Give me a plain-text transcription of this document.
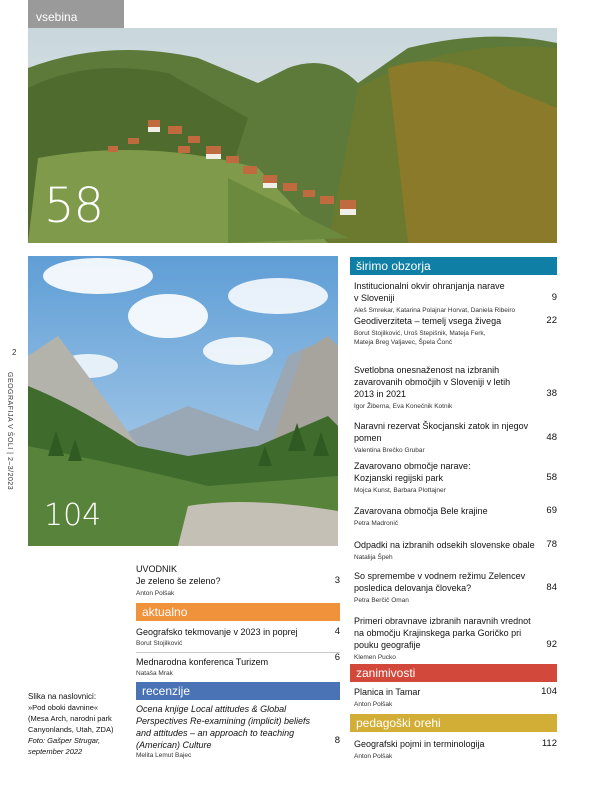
vsebina
58
104
2
GEOGRAFIJA V ŠOLI | 2–3/2023
UVODNIK
Je zeleno še zeleno?	3
Anton Polšak
aktualno
Geografsko tekmovanje v 2023 in poprej	4
Borut Stojilković
Mednarodna konferenca Turizem	6
Nataša Mrak
recenzije
Ocena knjige Local attitudes & Global
Perspectives Re-examining (implicit) beliefs
and attitudes – an approach to teaching
(American) Culture	8
Melita Lemut Bajec
Slika na naslovnici:
»Pod oboki davnine«
(Mesa Arch, narodni park
Canyonlands, Utah, ZDA)
Foto: Gašper Strugar,
september 2022
širimo obzorja
Institucionalni okvir ohranjanja narave
v Sloveniji	9
Aleš Smrekar, Katarina Polajnar Horvat, Daniela Ribeiro
Geodiverziteta – temelj vsega živega	22
Borut Stojilković, Uroš Stepišnik, Mateja Ferk,
Mateja Breg Valjavec, Špela Čonč
Svetlobna onesnaženost na izbranih
zavarovanih območjih v Sloveniji v letih
2013 in 2021	38
Igor Žiberna, Eva Konečnik Kotnik
Naravni rezervat Škocjanski zatok in njegov
pomen	48
Valentina Brečko Grubar
Zavarovano območje narave:
Kozjanski regijski park	58
Mojca Kunst, Barbara Plottajner
Zavarovana območja Bele krajine	69
Petra Madronič
Odpadki na izbranih odsekih slovenske obale	78
Natalija Špeh
So spremembe v vodnem režimu Zelencev
posledica delovanja človeka?	84
Petra Berčič Oman
Primeri obravnave izbranih naravnih vrednot
na območju Krajinskega parka Goričko pri
pouku geografije	92
Klemen Pucko
zanimivosti
Planica in Tamar	104
Anton Polšak
pedagoški orehi
Geografski pojmi in terminologija	112
Anton Polšak
